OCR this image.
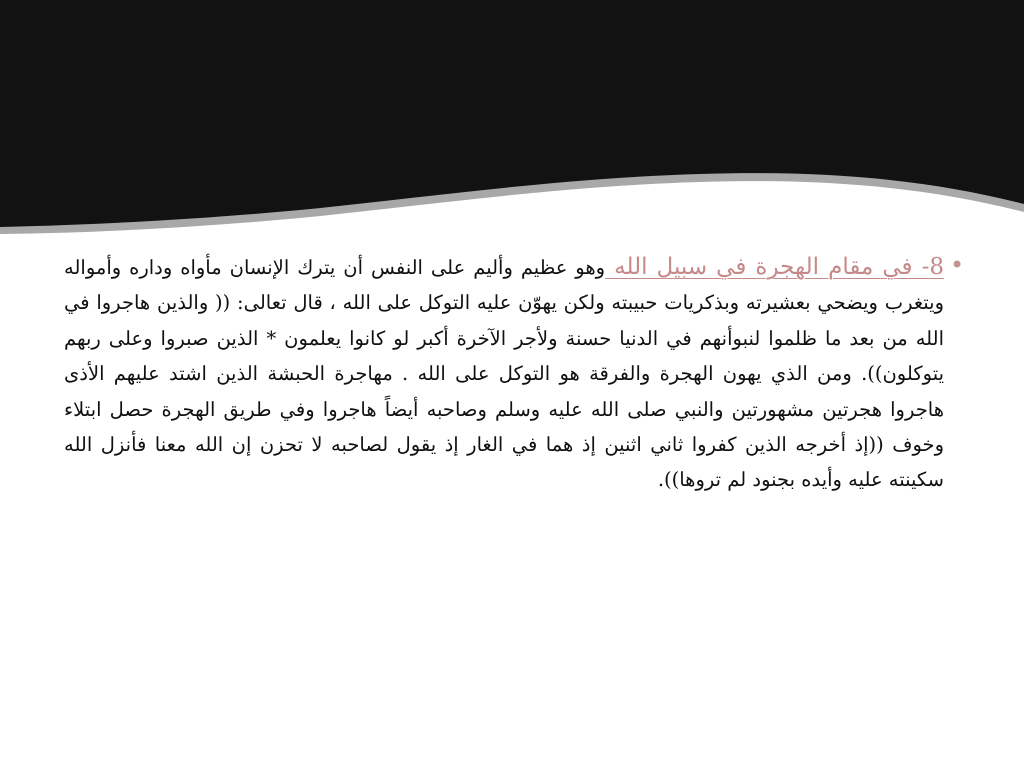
•
8- في مقام الهجرة في سبيل الله وهو عظيم وأليم على النفس أن يترك الإنسان مأواه وداره وأمواله ويتغرب ويضحي بعشيرته وبذكريات حبيبته ولكن يهوّن عليه التوكل على الله ، قال تعالى: (( والذين هاجروا في الله من بعد ما ظلموا لنبوأنهم في الدنيا حسنة ولأجر الآخرة أكبر لو كانوا يعلمون * الذين صبروا وعلى ربهم يتوكلون)). ومن الذي يهون الهجرة والفرقة هو التوكل على الله . مهاجرة الحبشة الذين اشتد عليهم الأذى هاجروا هجرتين مشهورتين والنبي صلى الله عليه وسلم وصاحبه أيضاً هاجروا وفي طريق الهجرة حصل ابتلاء وخوف ((إذ أخرجه الذين كفروا ثاني اثنين إذ هما في الغار إذ يقول لصاحبه لا تحزن إن الله معنا فأنزل الله سكينته عليه وأيده بجنود لم تروها)).
